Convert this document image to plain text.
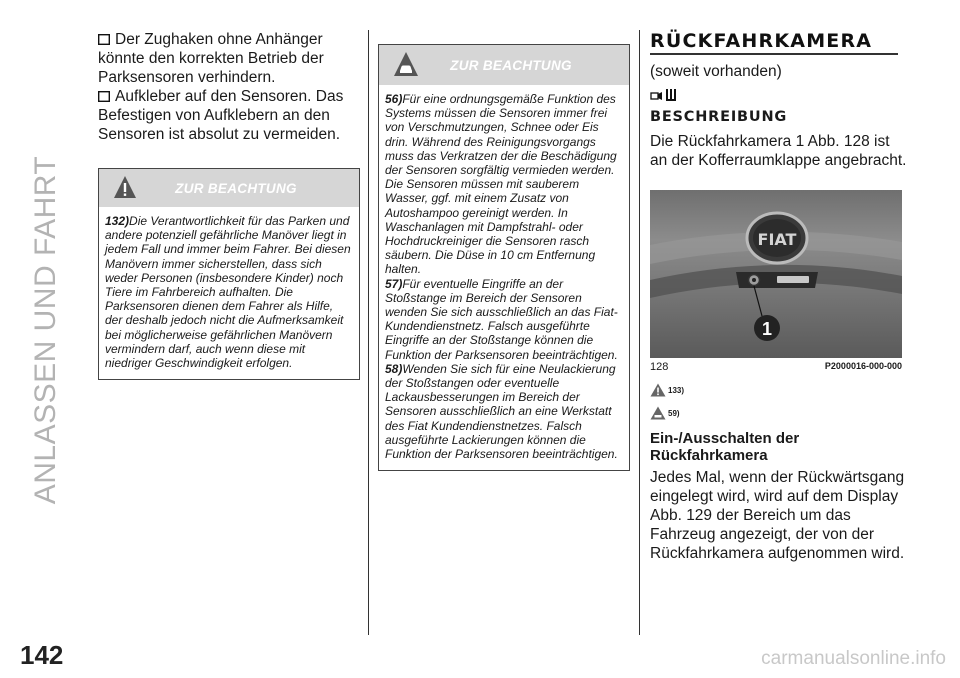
ANLASSEN UND FAHRT
142

Der Zughaken ohne Anhänger könnte den korrekten Betrieb der Parksensoren verhindern.

Aufkleber auf den Sensoren. Das Befestigen von Aufklebern an den Sensoren ist absolut zu vermeiden.

ZUR BEACHTUNG

132)Die Verantwortlichkeit für das Parken und andere potenziell gefährliche Manöver liegt in jedem Fall und immer beim Fahrer. Bei diesen Manövern immer sicherstellen, dass sich weder Personen (insbesondere Kinder) noch Tiere im Fahrbereich aufhalten. Die Parksensoren dienen dem Fahrer als Hilfe, der deshalb jedoch nicht die Aufmerksamkeit bei möglicherweise gefährlichen Manövern vermindern darf, auch wenn diese mit niedriger Geschwindigkeit erfolgen.

ZUR BEACHTUNG

56)Für eine ordnungsgemäße Funktion des Systems müssen die Sensoren immer frei von Verschmutzungen, Schnee oder Eis drin. Während des Reinigungsvorgangs muss das Verkratzen der die Beschädigung der Sensoren sorgfältig vermieden werden. Die Sensoren müssen mit sauberem Wasser, ggf. mit einem Zusatz von Autoshampoo gereinigt werden. In Waschanlagen mit Dampfstrahl- oder Hochdruckreiniger die Sensoren rasch säubern. Die Düse in 10 cm Entfernung halten.

57)Für eventuelle Eingriffe an der Stoßstange im Bereich der Sensoren wenden Sie sich ausschließlich an das Fiat-Kundendienstnetz. Falsch ausgeführte Eingriffe an der Stoßstange können die Funktion der Parksensoren beeinträchtigen.

58)Wenden Sie sich für eine Neulackierung der Stoßstangen oder eventuelle Lackausbesserungen im Bereich der Sensoren ausschließlich an eine Werkstatt des Fiat Kundendienstnetzes. Falsch ausgeführte Lackierungen können die Funktion der Parksensoren beeinträchtigen.

RÜCKFAHRKAMERA
(soweit vorhanden)
BESCHREIBUNG

Die Rückfahrkamera 1 Abb. 128 ist an der Kofferraumklappe angebracht.

FIAT
1
128	P2000016-000-000
133)
59)
Ein-/Ausschalten der Rückfahrkamera

Jedes Mal, wenn der Rückwärtsgang eingelegt wird, wird auf dem Display Abb. 129 der Bereich um das Fahrzeug angezeigt, der von der Rückfahrkamera aufgenommen wird.

carmanualsonline.info
